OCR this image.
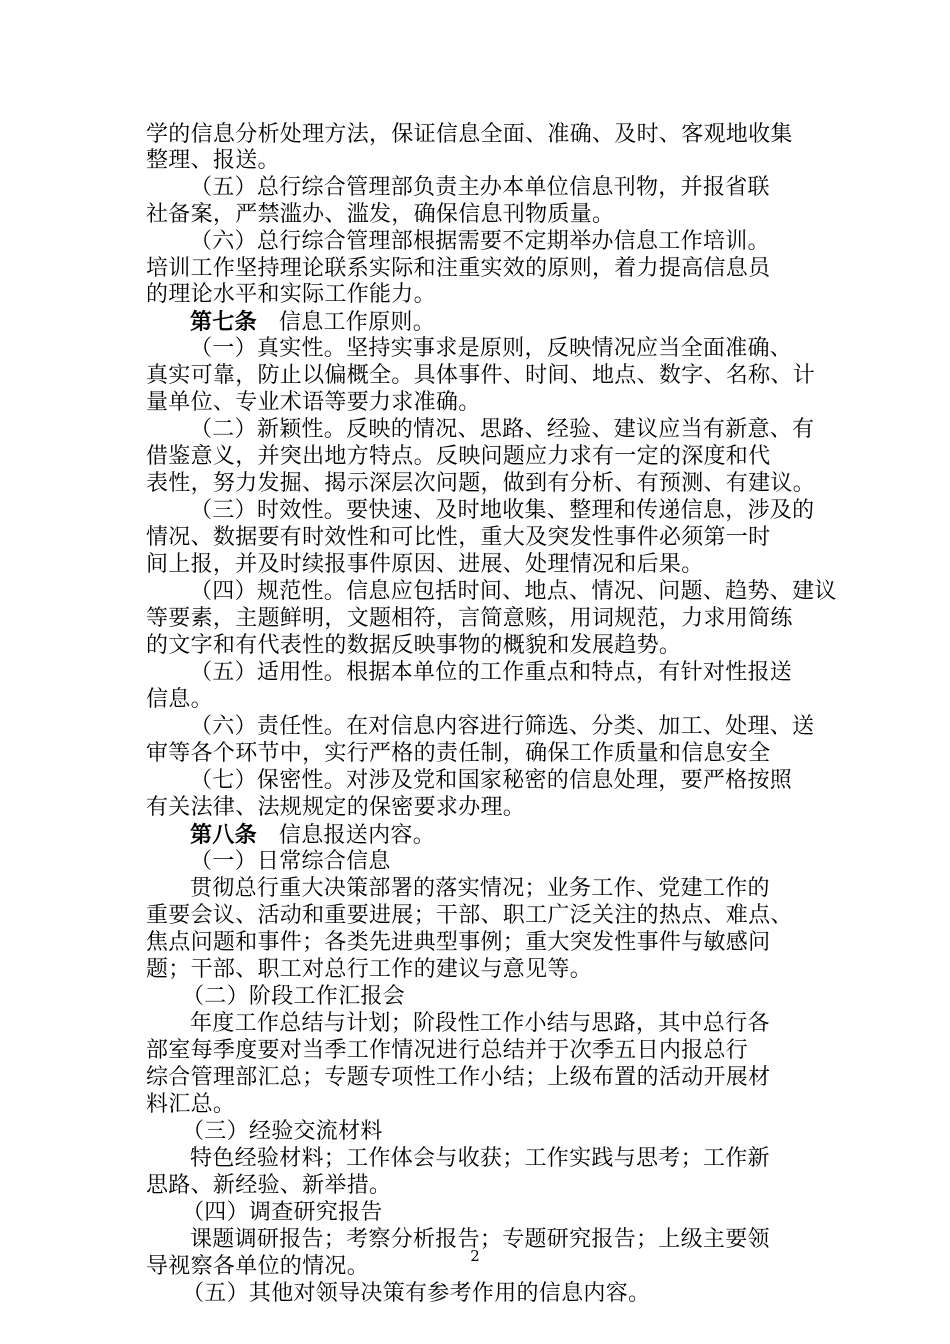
学的信息分析处理方法，保证信息全面、准确、及时、客观地收集
整理、报送。
（五）总行综合管理部负责主办本单位信息刊物，并报省联
社备案，严禁滥办、滥发，确保信息刊物质量。
（六）总行综合管理部根据需要不定期举办信息工作培训。
培训工作坚持理论联系实际和注重实效的原则，着力提高信息员
的理论水平和实际工作能力。
第七条 信息工作原则。
（一）真实性。坚持实事求是原则，反映情况应当全面准确、
真实可靠，防止以偏概全。具体事件、时间、地点、数字、名称、计
量单位、专业术语等要力求准确。
（二）新颖性。反映的情况、思路、经验、建议应当有新意、有
借鉴意义，并突出地方特点。反映问题应力求有一定的深度和代
表性，努力发掘、揭示深层次问题，做到有分析、有预测、有建议。
（三）时效性。要快速、及时地收集、整理和传递信息，涉及的
情况、数据要有时效性和可比性，重大及突发性事件必须第一时
间上报，并及时续报事件原因、进展、处理情况和后果。
（四）规范性。信息应包括时间、地点、情况、问题、趋势、建议
等要素，主题鲜明，文题相符，言简意赅，用词规范，力求用简练
的文字和有代表性的数据反映事物的概貌和发展趋势。
（五）适用性。根据本单位的工作重点和特点，有针对性报送
信息。
（六）责任性。在对信息内容进行筛选、分类、加工、处理、送
审等各个环节中，实行严格的责任制，确保工作质量和信息安全
（七）保密性。对涉及党和国家秘密的信息处理，要严格按照
有关法律、法规规定的保密要求办理。
第八条 信息报送内容。
（一）日常综合信息
贯彻总行重大决策部署的落实情况；业务工作、党建工作的
重要会议、活动和重要进展；干部、职工广泛关注的热点、难点、
焦点问题和事件；各类先进典型事例；重大突发性事件与敏感问
题；干部、职工对总行工作的建议与意见等。
（二）阶段工作汇报会
年度工作总结与计划；阶段性工作小结与思路，其中总行各
部室每季度要对当季工作情况进行总结并于次季五日内报总行
综合管理部汇总；专题专项性工作小结；上级布置的活动开展材
料汇总。
（三）经验交流材料
特色经验材料；工作体会与收获；工作实践与思考；工作新
思路、新经验、新举措。
（四）调查研究报告
课题调研报告；考察分析报告；专题研究报告；上级主要领
导视察各单位的情况。
（五）其他对领导决策有参考作用的信息内容。
2
